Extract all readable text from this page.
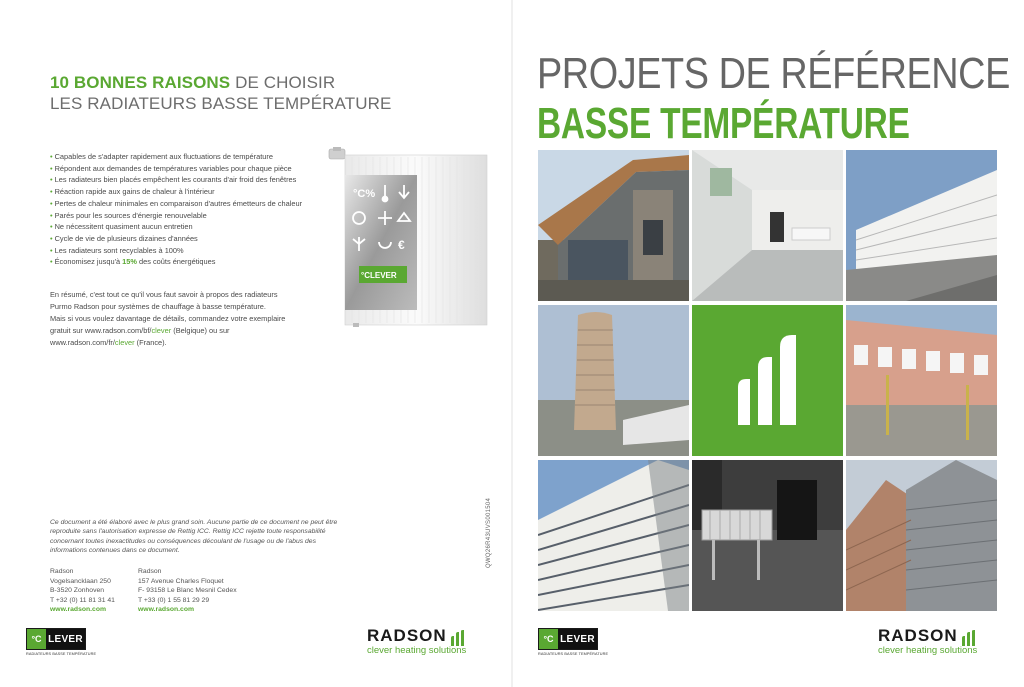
10 BONNES RAISONS DE CHOISIR
LES RADIATEURS BASSE TEMPÉRATURE
• Capables de s'adapter rapidement aux fluctuations de température
• Répondent aux demandes de températures variables pour chaque pièce
• Les radiateurs bien placés empêchent les courants d'air froid des fenêtres
• Réaction rapide aux gains de chaleur à l'intérieur
• Pertes de chaleur minimales en comparaison d'autres émetteurs de chaleur
• Parés pour les sources d'énergie renouvelable
• Ne nécessitent quasiment aucun entretien
• Cycle de vie de plusieurs dizaines d'années
• Les radiateurs sont recyclables à 100%
• Économisez jusqu'à 15% des coûts énergétiques
En résumé, c'est tout ce qu'il vous faut savoir à propos des radiateurs
Purmo Radson pour systèmes de chauffage à basse température.
Mais si vous voulez davantage de détails, commandez votre exemplaire
gratuit sur www.radson.com/bf/clever (Belgique) ou sur
www.radson.com/fr/clever (France).
°C%
€
°CLEVER
Ce document a été élaboré avec le plus grand soin. Aucune partie de ce document ne peut être reproduite sans l'autorisation expresse de Rettig ICC. Rettig ICC rejette toute responsabilité concernant toutes inexactitudes ou conséquences découlant de l'usage ou de l'abus des informations contenues dans ce document.	QWQ26R43UVS001504
Radson
Vogelsancklaan 250
B-3520 Zonhoven
T +32 (0) 11 81 31 41
www.radson.com
Radson
157 Avenue Charles Floquet
F- 93158 Le Blanc Mesnil Cedex
T +33 (0) 1 55 81 29 29
www.radson.com
°C LEVER
RADIATEURS BASSE TEMPÉRATURE
RADSON
clever heating solutions
PROJETS DE RÉFÉRENCE
BASSE TEMPÉRATURE
°C LEVER
RADIATEURS BASSE TEMPÉRATURE
RADSON
clever heating solutions
